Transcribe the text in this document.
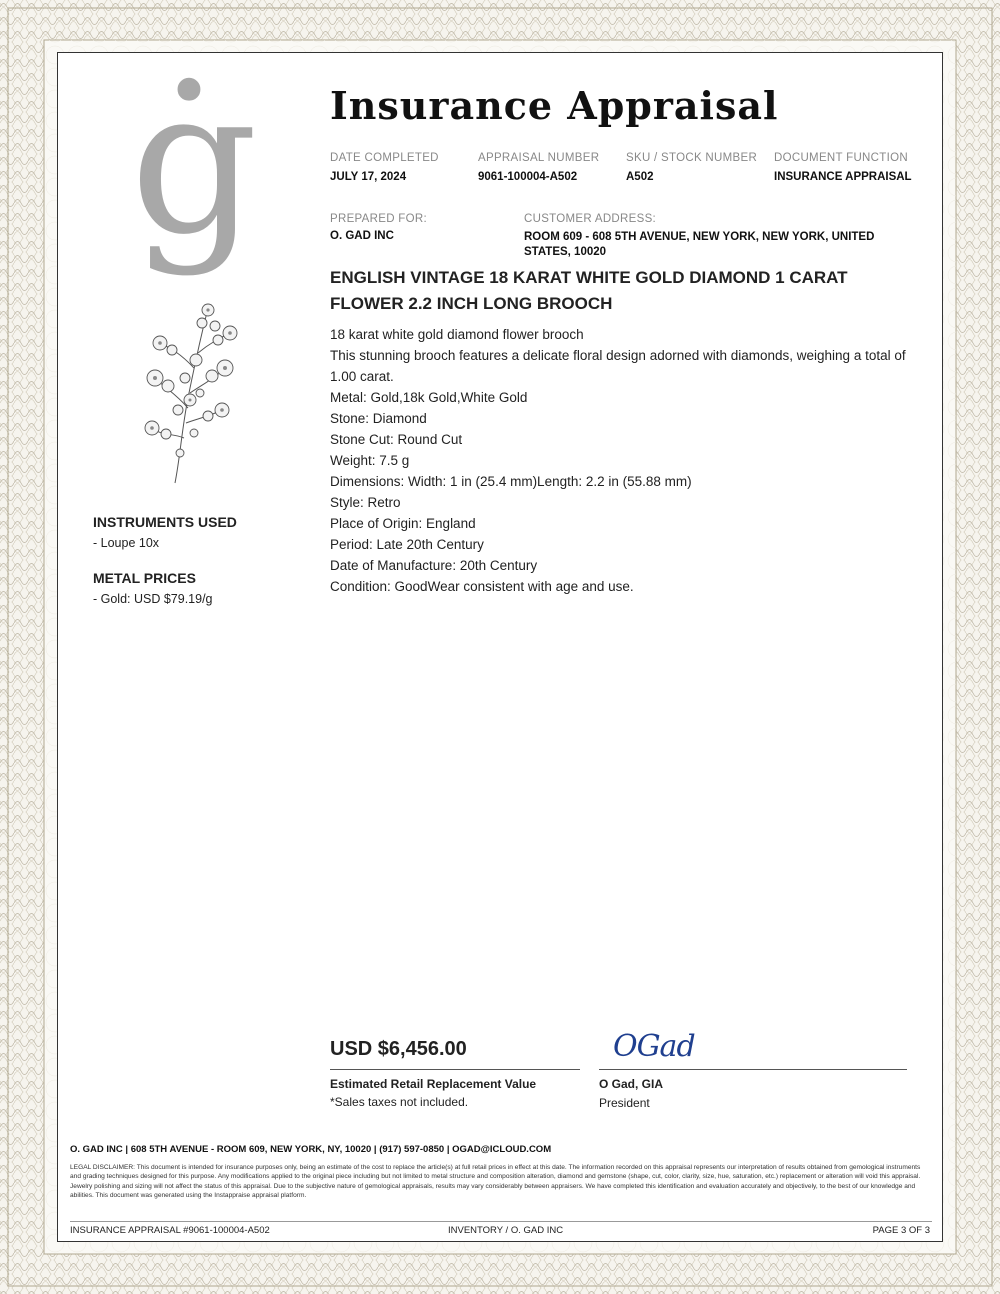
ġ Insurance Appraisal
DATE COMPLETED
JULY 17, 2024
APPRAISAL NUMBER
9061-100004-A502
SKU / STOCK NUMBER
A502
DOCUMENT FUNCTION
INSURANCE APPRAISAL
PREPARED FOR:
O. GAD INC
CUSTOMER ADDRESS:
ROOM 609 - 608 5TH AVENUE, NEW YORK, NEW YORK, UNITED STATES, 10020
ENGLISH VINTAGE 18 KARAT WHITE GOLD DIAMOND 1 CARAT FLOWER 2.2 INCH LONG BROOCH
18 karat white gold diamond flower brooch
This stunning brooch features a delicate floral design adorned with diamonds, weighing a total of 1.00 carat.
Metal: Gold,18k Gold,White Gold
Stone: Diamond
Stone Cut: Round Cut
Weight: 7.5 g
Dimensions: Width: 1 in (25.4 mm)Length: 2.2 in (55.88 mm)
Style: Retro
Place of Origin: England
Period: Late 20th Century
Date of Manufacture: 20th Century
Condition: GoodWear consistent with age and use.
INSTRUMENTS USED
- Loupe 10x
METAL PRICES
- Gold: USD $79.19/g
USD $6,456.00
Estimated Retail Replacement Value
*Sales taxes not included.
OGad
O Gad, GIA
President
O. GAD INC | 608 5TH AVENUE - ROOM 609, NEW YORK, NY, 10020 | (917) 597-0850 | OGAD@ICLOUD.COM
LEGAL DISCLAIMER: This document is intended for insurance purposes only, being an estimate of the cost to replace the article(s) at full retail prices in effect at this date. The information recorded on this appraisal represents our interpretation of results obtained from gemological instruments and grading techniques designed for this purpose. Any modifications applied to the original piece including but not limited to metal structure and composition alteration, diamond and gemstone (shape, cut, color, clarity, size, hue, saturation, etc.) replacement or alteration will void this appraisal. Jewelry polishing and sizing will not affect the status of this appraisal. Due to the subjective nature of gemological appraisals, results may vary considerably between appraisers. We have completed this identification and evaluation accurately and objectively, to the best of our knowledge and abilities. This document was generated using the Instappraise appraisal platform.
INSURANCE APPRAISAL #9061-100004-A502	INVENTORY / O. GAD INC	PAGE 3 OF 3
